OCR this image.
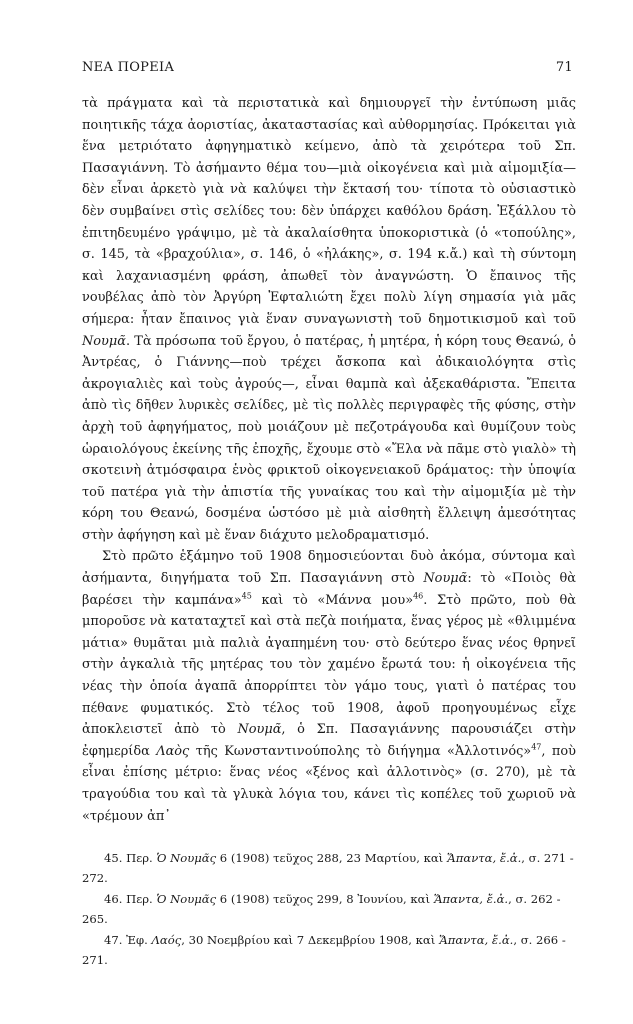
ΝΕΑ ΠΟΡΕΙΑ	71

τὰ πράγματα καὶ τὰ περιστατικὰ καὶ δημιουργεῖ τὴν ἐντύπωση μιᾶς ποιητικῆς τάχα ἀοριστίας, ἀκαταστασίας καὶ αὐθορμησίας. Πρόκειται γιὰ ἕνα μετριότατο ἀφηγηματικὸ κείμενο, ἀπὸ τὰ χειρότερα τοῦ Σπ. Πασαγιάννη. Τὸ ἀσήμαντο θέμα του—μιὰ οἰκογένεια καὶ μιὰ αἰμομιξία—δὲν εἶναι ἀρκετὸ γιὰ νὰ καλύψει τὴν ἔκτασή του· τίποτα τὸ οὐσιαστικὸ δὲν συμβαίνει στὶς σελίδες του: δὲν ὑπάρχει καθόλου δράση. Ἐξάλλου τὸ ἐπιτηδευμένο γράψιμο, μὲ τὰ ἀκαλαίσθητα ὑποκοριστικὰ (ὁ «τοπούλης», σ. 145, τὰ «βραχούλια», σ. 146, ὁ «ἠλάκης», σ. 194 κ.ἄ.) καὶ τὴ σύντομη καὶ λαχανιασμένη φράση, ἀπωθεῖ τὸν ἀναγνώστη. Ὁ ἔπαινος τῆς νουβέλας ἀπὸ τὸν Ἀργύρη Ἐφταλιώτη ἔχει πολὺ λίγη σημασία γιὰ μᾶς σήμερα: ἦταν ἔπαινος γιὰ ἕναν συναγωνιστὴ τοῦ δημοτικισμοῦ καὶ τοῦ Νουμᾶ. Τὰ πρόσωπα τοῦ ἔργου, ὁ πατέρας, ἡ μητέρα, ἡ κόρη τους Θεανώ, ὁ Ἀντρέας, ὁ Γιάννης—ποὺ τρέχει ἄσκοπα καὶ ἀδικαιολόγητα στὶς ἀκρογιαλιὲς καὶ τοὺς ἀγρούς—, εἶναι θαμπὰ καὶ ἀξεκαθάριστα. Ἔπειτα ἀπὸ τὶς δῆθεν λυρικὲς σελίδες, μὲ τὶς πολλὲς περιγραφὲς τῆς φύσης, στὴν ἀρχὴ τοῦ ἀφηγήματος, ποὺ μοιάζουν μὲ πεζοτράγουδα καὶ θυμίζουν τοὺς ὡραιολόγους ἐκείνης τῆς ἐποχῆς, ἔχουμε στὸ «Ἔλα νὰ πᾶμε στὸ γιαλὸ» τὴ σκοτεινὴ ἀτμόσφαιρα ἑνὸς φρικτοῦ οἰκογενειακοῦ δράματος: τὴν ὑποψία τοῦ πατέρα γιὰ τὴν ἀπιστία τῆς γυναίκας του καὶ τὴν αἰμομιξία μὲ τὴν κόρη του Θεανώ, δοσμένα ὡστόσο μὲ μιὰ αἰσθητὴ ἔλλειψη ἀμεσότητας στὴν ἀφήγηση καὶ μὲ ἕναν διάχυτο μελοδραματισμό.

Στὸ πρῶτο ἑξάμηνο τοῦ 1908 δημοσιεύονται δυὸ ἀκόμα, σύντομα καὶ ἀσήμαντα, διηγήματα τοῦ Σπ. Πασαγιάννη στὸ Νουμᾶ: τὸ «Ποιὸς θὰ βαρέσει τὴν καμπάνα»$^{45}$ καὶ τὸ «Μάννα μου»$^{46}$. Στὸ πρῶτο, ποὺ θὰ μποροῦσε νὰ καταταχτεῖ καὶ στὰ πεζὰ ποιήματα, ἕνας γέρος μὲ «θλιμμένα μάτια» θυμᾶται μιὰ παλιὰ ἀγαπημένη του· στὸ δεύτερο ἕνας νέος θρηνεῖ στὴν ἀγκαλιὰ τῆς μητέρας του τὸν χαμένο ἔρωτά του: ἡ οἰκογένεια τῆς νέας τὴν ὁποία ἀγαπᾶ ἀπορρίπτει τὸν γάμο τους, γιατὶ ὁ πατέρας του πέθανε φυματικός. Στὸ τέλος τοῦ 1908, ἀφοῦ προηγουμένως εἶχε ἀποκλειστεῖ ἀπὸ τὸ Νουμᾶ, ὁ Σπ. Πασαγιάννης παρουσιάζει στὴν ἐφημερίδα Λαὸς τῆς Κωνσταντινούπολης τὸ διήγημα «Ἀλλοτινός»$^{47}$, ποὺ εἶναι ἐπίσης μέτριο: ἕνας νέος «ξένος καὶ ἀλλοτινὸς» (σ. 270), μὲ τὰ τραγούδια του καὶ τὰ γλυκὰ λόγια του, κάνει τὶς κοπέλες τοῦ χωριοῦ νὰ «τρέμουν ἀπ᾽

45. Περ. Ὁ Νουμᾶς 6 (1908) τεῦχος 288, 23 Μαρτίου, καὶ Ἅπαντα, ἔ.ἀ., σ. 271 - 272.

46. Περ. Ὁ Νουμᾶς 6 (1908) τεῦχος 299, 8 Ἰουνίου, καὶ Ἅπαντα, ἔ.ἀ., σ. 262 - 265.

47. Ἐφ. Λαός, 30 Νοεμβρίου καὶ 7 Δεκεμβρίου 1908, καὶ Ἅπαντα, ἔ.ἀ., σ. 266 - 271.
